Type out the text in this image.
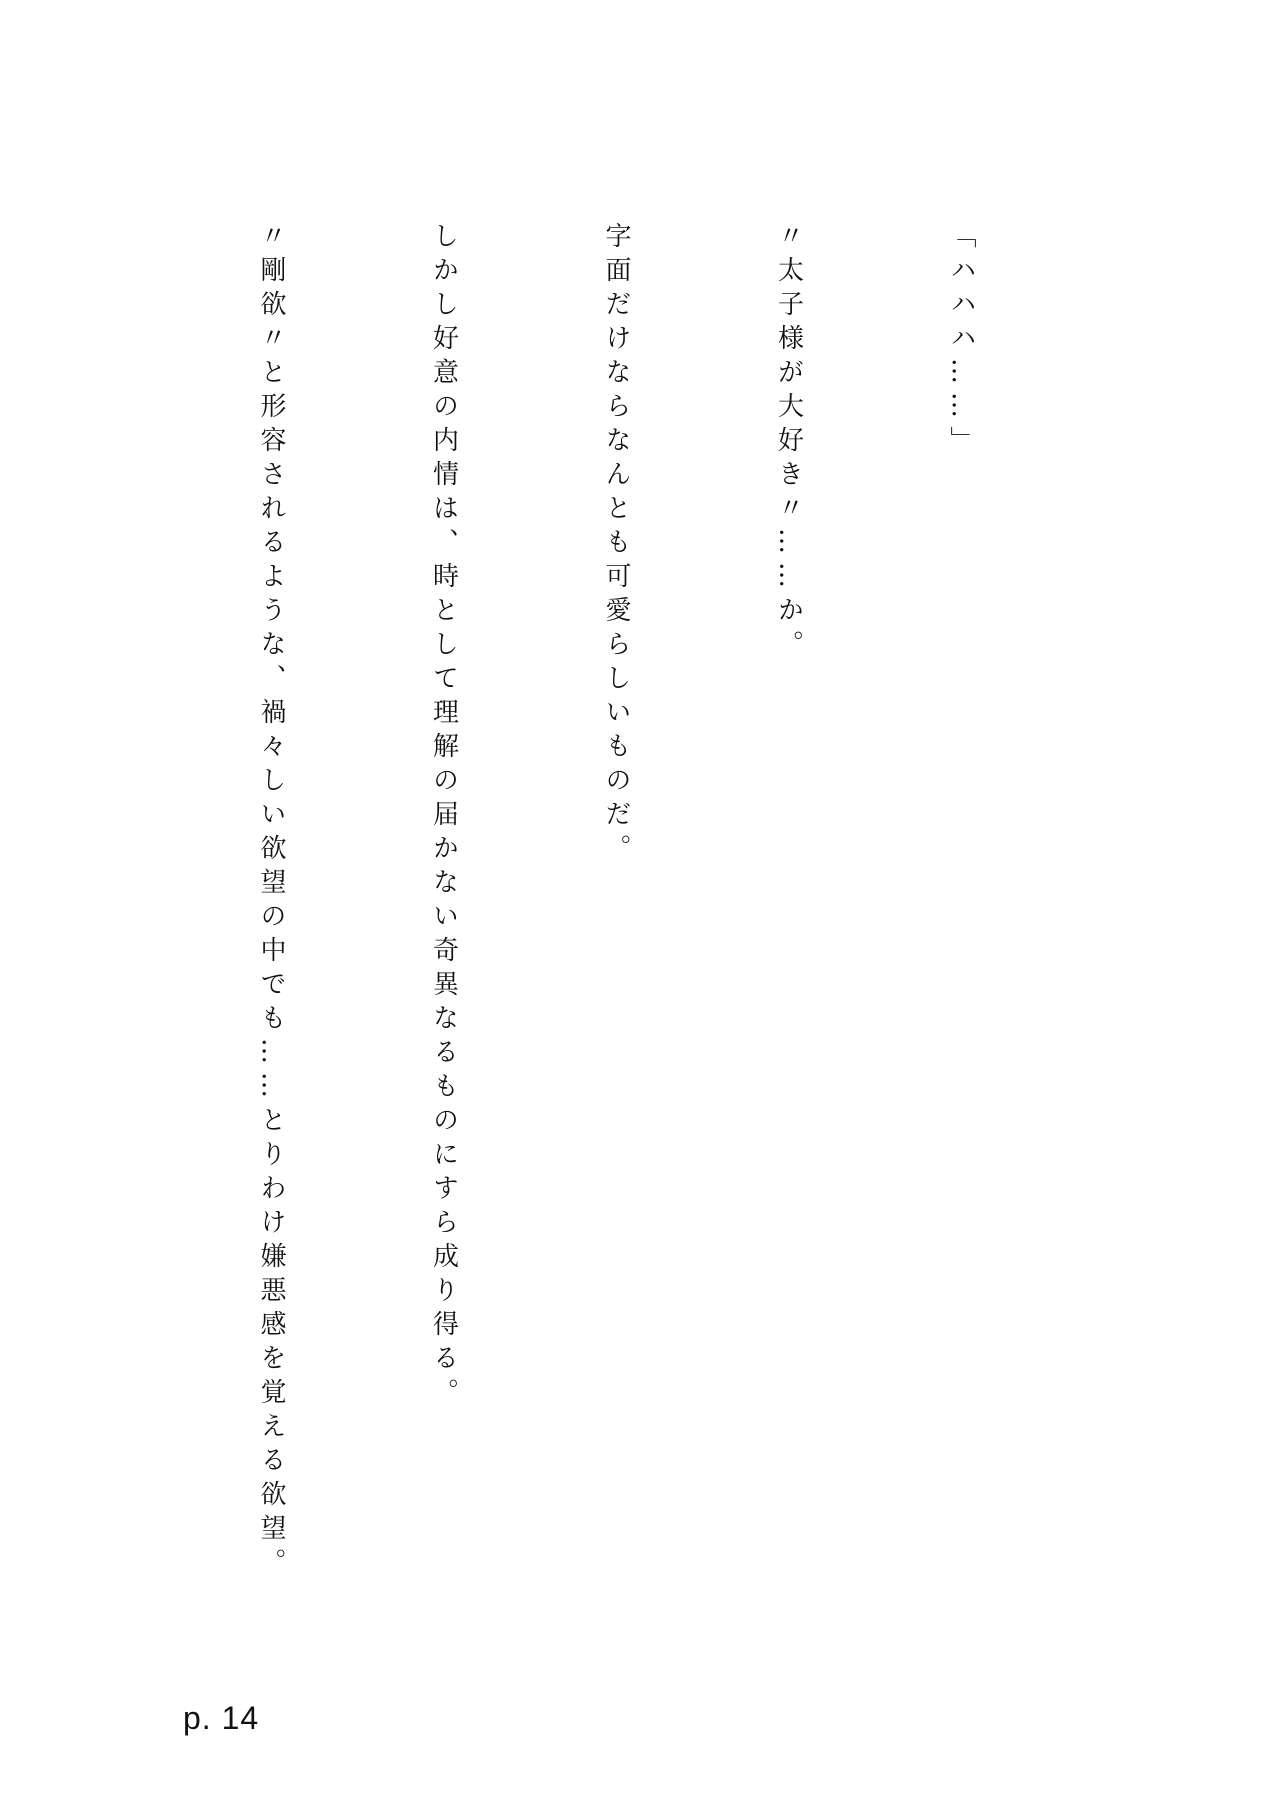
「ハハハ……」

〃太子様が大好き〃……か。

字面だけならなんとも可愛らしいものだ。

しかし好意の内情は、時として理解の届かない奇異なるものにすら成り得る。

〃剛欲〃と形容されるような、禍々しい欲望の中でも……とりわけ嫌悪感を覚える欲望。

p. 14
